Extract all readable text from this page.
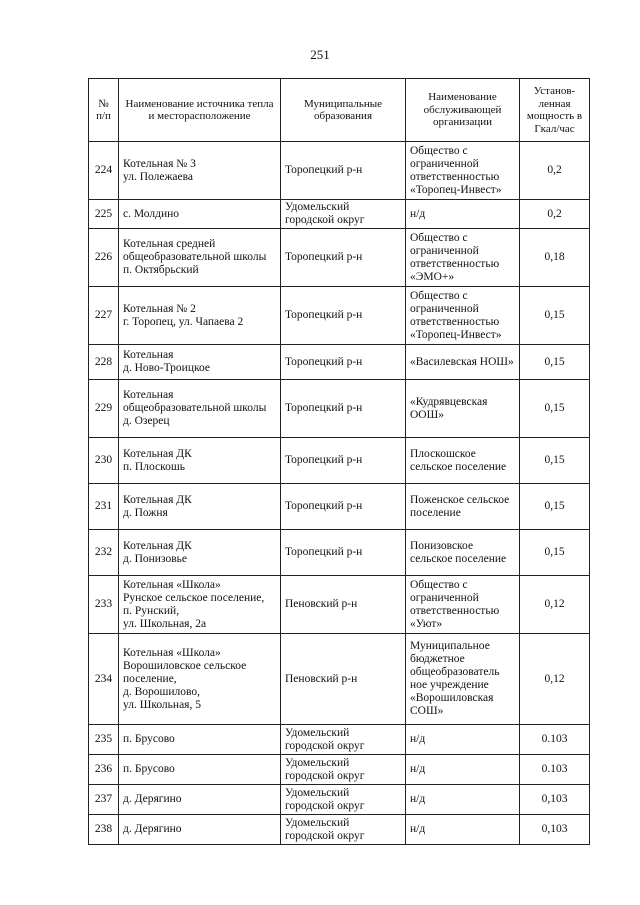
251
№ п/п	Наименование источника тепла и месторасположение	Муниципальные образования	Наименование обслуживающей организации	Установ-ленная мощность в Гкал/час
224	Котельная № 3
ул. Полежаева	Торопецкий р-н	Общество с ограниченной ответственностью «Торопец-Инвест»	0,2
225	с. Молдино	Удомельский городской округ	н/д	0,2
226	Котельная средней общеобразовательной школы
п. Октябрьский	Торопецкий р-н	Общество с ограниченной ответственностью «ЭМО+»	0,18
227	Котельная № 2
г. Торопец, ул. Чапаева 2	Торопецкий р-н	Общество с ограниченной ответственностью «Торопец-Инвест»	0,15
228	Котельная
д. Ново-Троицкое	Торопецкий р-н	«Василевская НОШ»	0,15
229	Котельная общеобразовательной школы
д. Озерец	Торопецкий р-н	«Кудрявцевская ООШ»	0,15
230	Котельная ДК
п. Плоскошь	Торопецкий р-н	Плоскошское сельское поселение	0,15
231	Котельная ДК
д. Пожня	Торопецкий р-н	Поженское сельское поселение	0,15
232	Котельная ДК
д. Понизовье	Торопецкий р-н	Понизовское сельское поселение	0,15
233	Котельная «Школа»
Рунское сельское поселение, п. Рунский,
ул. Школьная, 2а	Пеновский р-н	Общество с ограниченной ответственностью «Уют»	0,12
234	Котельная «Школа»
Ворошиловское сельское поселение,
д. Ворошилово,
ул. Школьная, 5	Пеновский р-н	Муниципальное бюджетное общеобразователь ное учреждение «Ворошиловская СОШ»	0,12
235	п. Брусово	Удомельский городской округ	н/д	0.103
236	п. Брусово	Удомельский городской округ	н/д	0.103
237	д. Дерягино	Удомельский городской округ	н/д	0,103
238	д. Дерягино	Удомельский городской округ	н/д	0,103
